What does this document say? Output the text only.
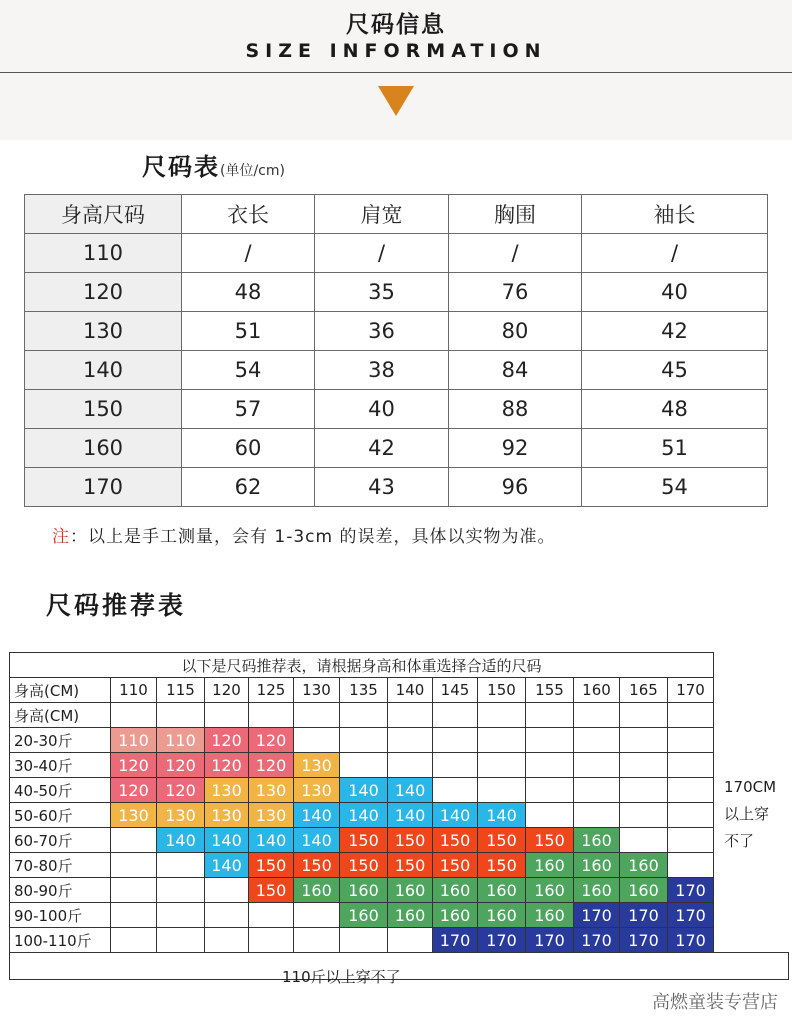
尺码信息
SIZE INFORMATION
尺码表(单位/cm)
身高尺码	衣长	肩宽	胸围	袖长
110	/	/	/	/
120	48	35	76	40
130	51	36	80	42
140	54	38	84	45
150	57	40	88	48
160	60	42	92	51
170	62	43	96	54
注：以上是手工测量，会有 1-3cm 的误差，具体以实物为准。
尺码推荐表
以下是尺码推荐表，请根据身高和体重选择合适的尺码														
身高(CM)	110	115	120	125	130	135	140	145	150	155	160	165	170	
身高(CM)														
20-30斤	110	110	120	120										
30-40斤	120	120	120	120	130									
40-50斤	120	120	130	130	130	140	140							
50-60斤	130	130	130	130	140	140	140	140	140					
60-70斤		140	140	140	140	150	150	150	150	150	160			
70-80斤			140	150	150	150	150	150	150	160	160	160		
80-90斤				150	160	160	160	160	160	160	160	160	170	
90-100斤						160	160	160	160	160	170	170	170	
100-110斤								170	170	170	170	170	170	

170CM
以上穿
不了
110斤以上穿不了
高燃童装专营店
